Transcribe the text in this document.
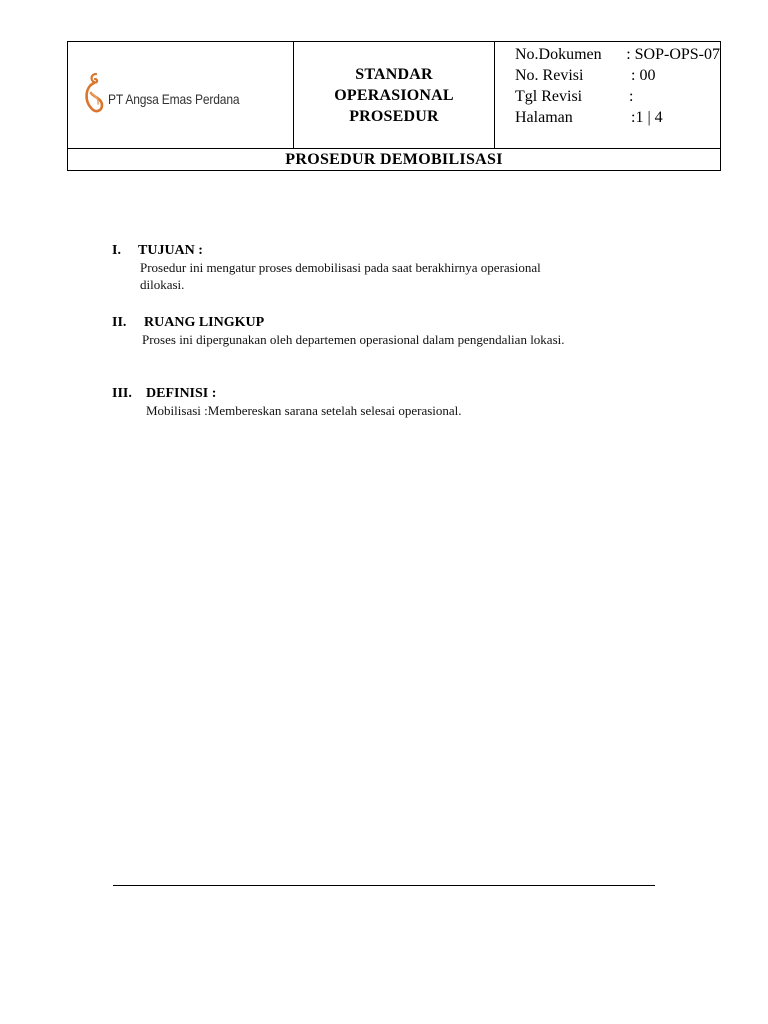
PT Angsa Emas Perdana

STANDAR
OPERASIONAL
PROSEDUR

No.Dokumen	: SOP-OPS-07
No. Revisi	: 00
Tgl Revisi	:
Halaman	:1 | 4

PROSEDUR DEMOBILISASI
I.	TUJUAN :
Prosedur ini mengatur proses demobilisasi pada saat berakhirnya operasional
dilokasi.
II.	RUANG LINGKUP
Proses ini dipergunakan oleh departemen operasional dalam pengendalian lokasi.
III.	DEFINISI :
Mobilisasi :Membereskan sarana setelah selesai operasional.
